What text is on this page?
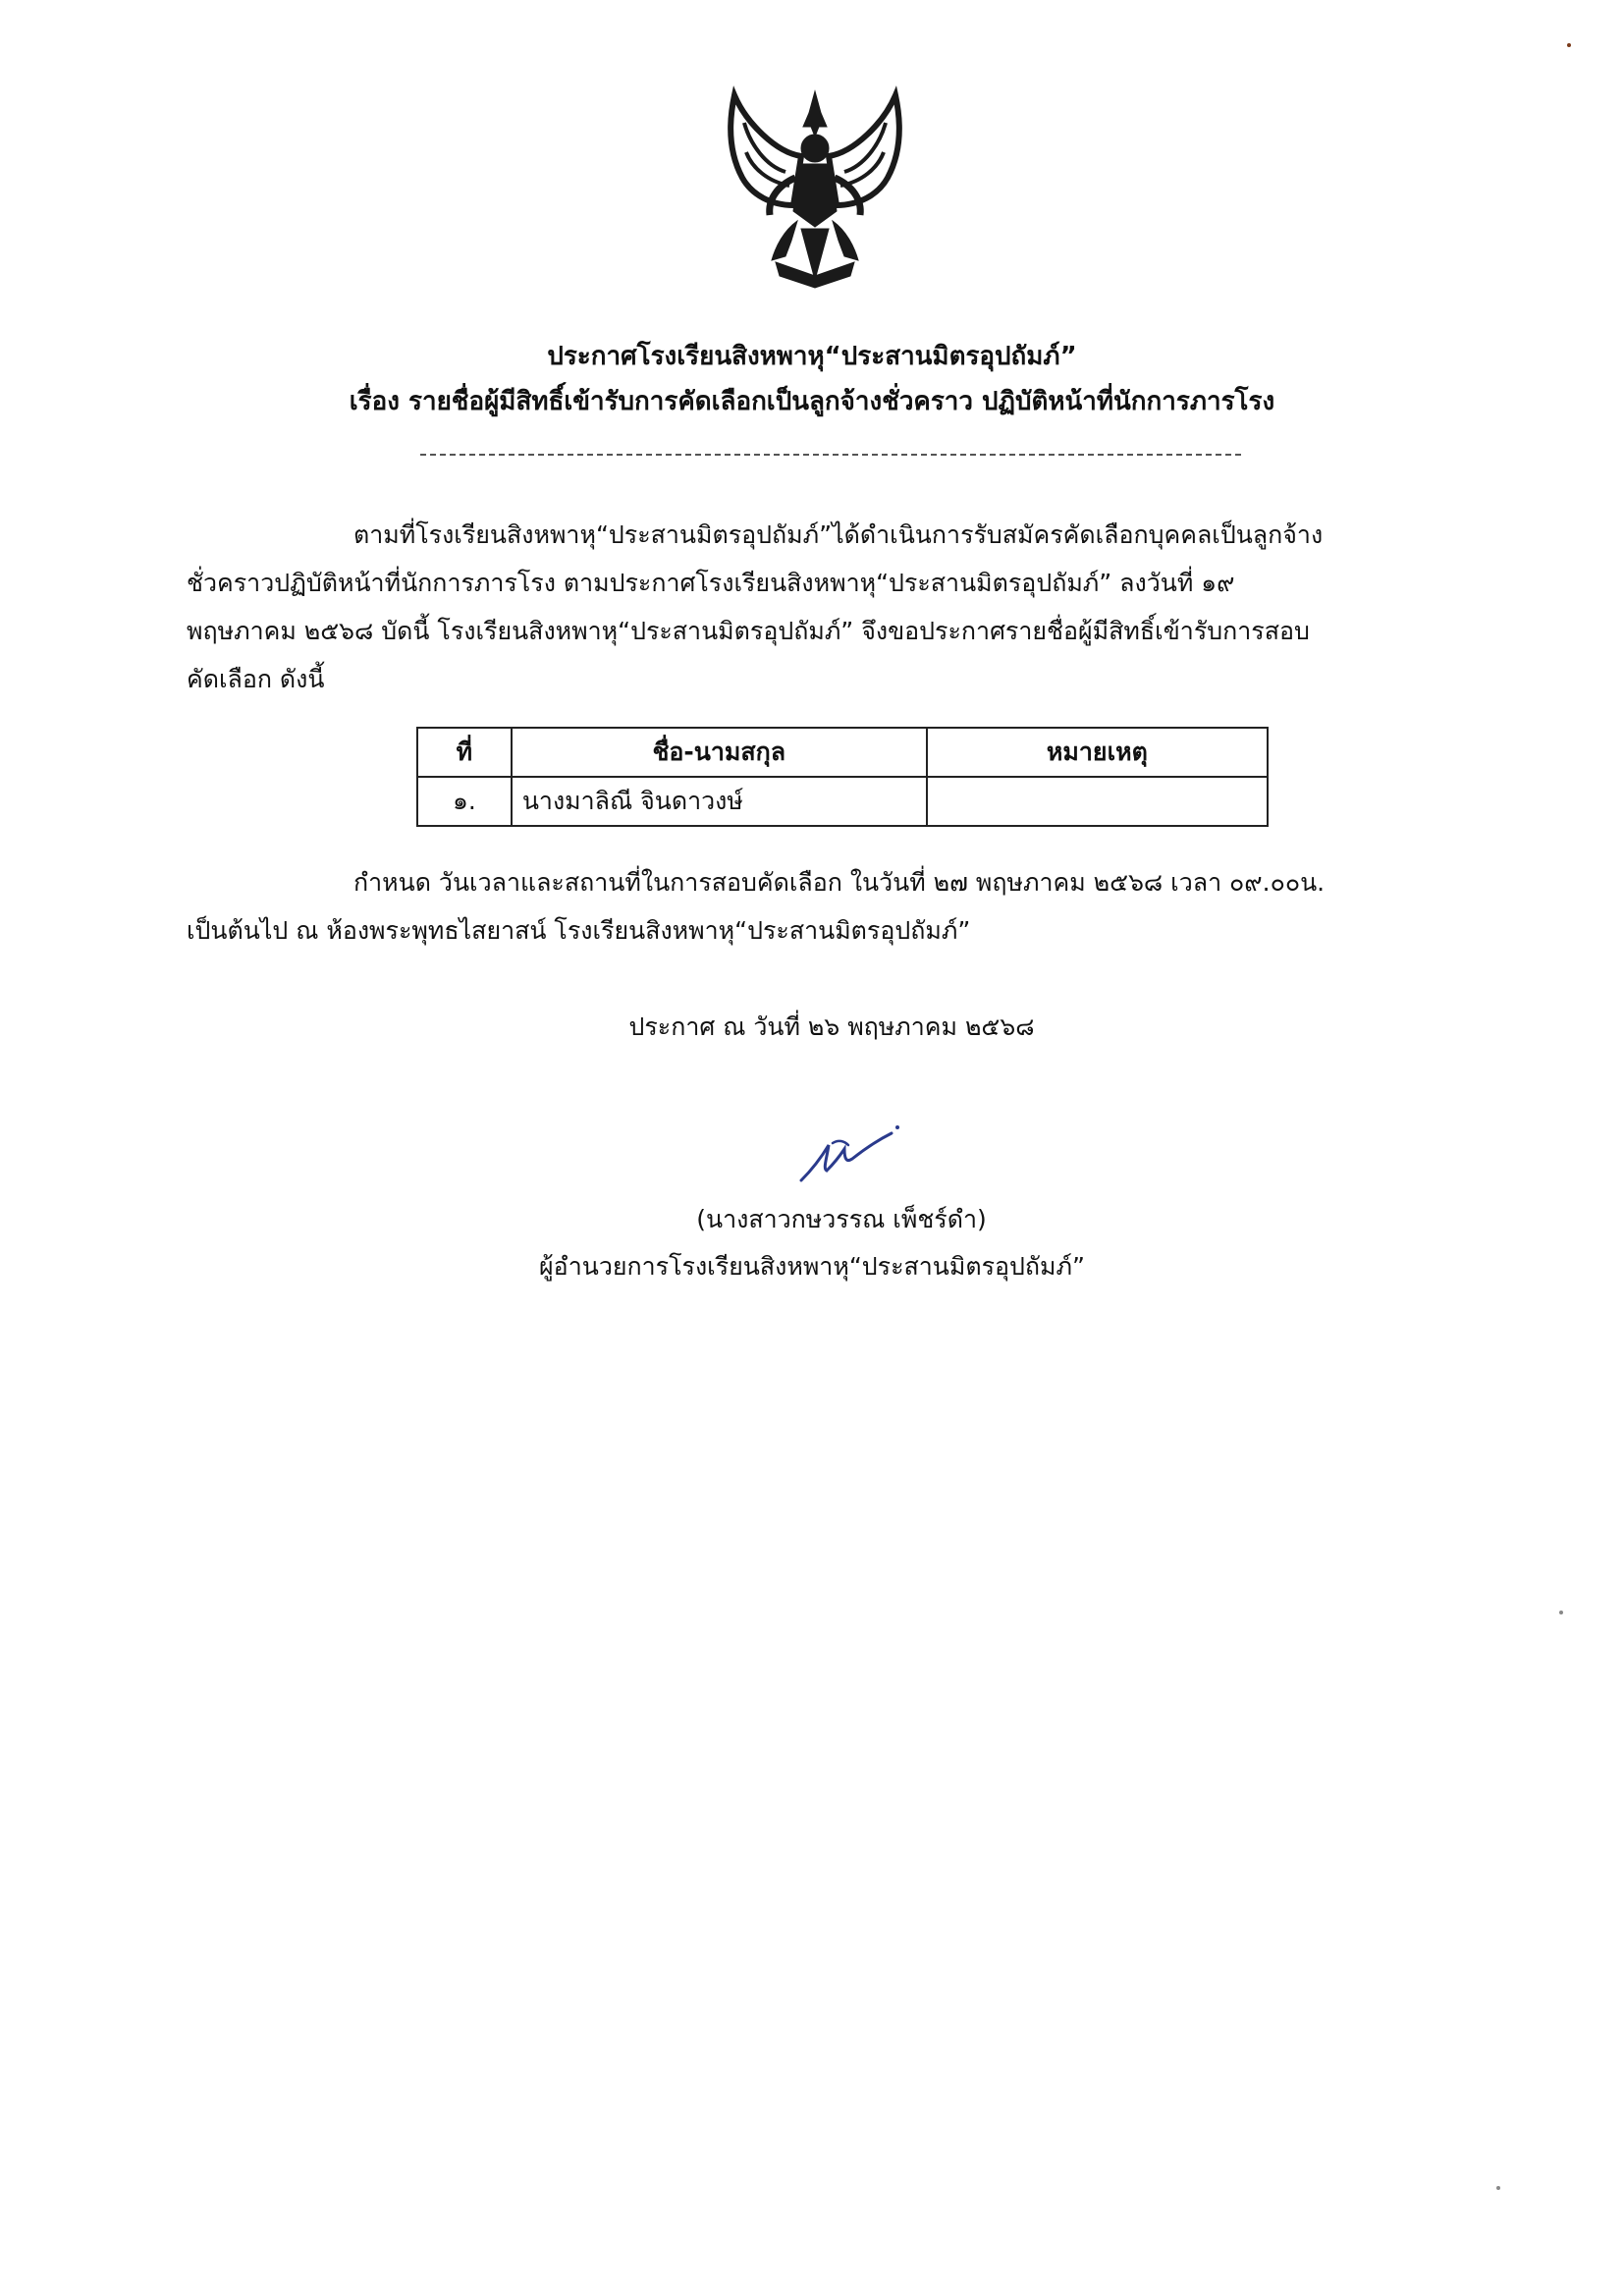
ประกาศโรงเรียนสิงหพาหุ“ประสานมิตรอุปถัมภ์”
เรื่อง รายชื่อผู้มีสิทธิ์เข้ารับการคัดเลือกเป็นลูกจ้างชั่วคราว ปฏิบัติหน้าที่นักการภารโรง
ตามที่โรงเรียนสิงหพาหุ“ประสานมิตรอุปถัมภ์”ได้ดำเนินการรับสมัครคัดเลือกบุคคลเป็นลูกจ้าง
ชั่วคราวปฏิบัติหน้าที่นักการภารโรง ตามประกาศโรงเรียนสิงหพาหุ“ประสานมิตรอุปถัมภ์” ลงวันที่ ๑๙
พฤษภาคม ๒๕๖๘ บัดนี้ โรงเรียนสิงหพาหุ“ประสานมิตรอุปถัมภ์” จึงขอประกาศรายชื่อผู้มีสิทธิ์เข้ารับการสอบ
คัดเลือก ดังนี้
ที่	ชื่อ-นามสกุล	หมายเหตุ
๑.	นางมาลิณี จินดาวงษ์	
กำหนด วันเวลาและสถานที่ในการสอบคัดเลือก ในวันที่ ๒๗ พฤษภาคม ๒๕๖๘ เวลา ๐๙.๐๐น.
เป็นต้นไป ณ ห้องพระพุทธไสยาสน์ โรงเรียนสิงหพาหุ“ประสานมิตรอุปถัมภ์”
ประกาศ ณ วันที่ ๒๖ พฤษภาคม ๒๕๖๘
(นางสาวกษวรรณ เพ็ชร์ดำ)
ผู้อำนวยการโรงเรียนสิงหพาหุ“ประสานมิตรอุปถัมภ์”
